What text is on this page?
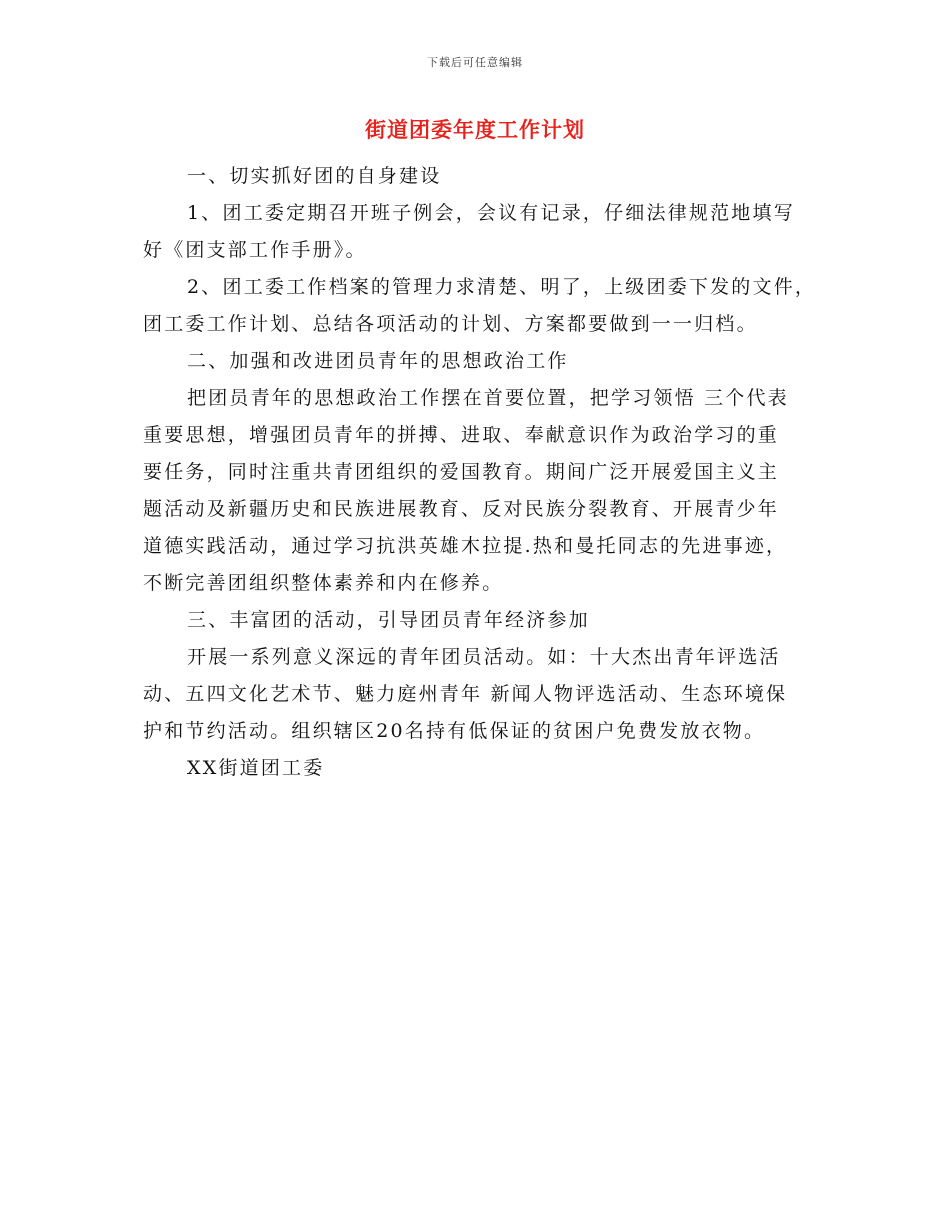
下载后可任意编辑
街道团委年度工作计划

一、切实抓好团的自身建设

1、团工委定期召开班子例会，会议有记录，仔细法律规范地填写
好《团支部工作手册》。

2、团工委工作档案的管理力求清楚、明了，上级团委下发的文件，
团工委工作计划、总结各项活动的计划、方案都要做到一一归档。

二、加强和改进团员青年的思想政治工作

把团员青年的思想政治工作摆在首要位置，把学习领悟 三个代表
重要思想，增强团员青年的拼搏、进取、奉献意识作为政治学习的重
要任务，同时注重共青团组织的爱国教育。期间广泛开展爱国主义主
题活动及新疆历史和民族进展教育、反对民族分裂教育、开展青少年
道德实践活动，通过学习抗洪英雄木拉提.热和曼托同志的先进事迹，
不断完善团组织整体素养和内在修养。

三、丰富团的活动，引导团员青年经济参加

开展一系列意义深远的青年团员活动。如：十大杰出青年评选活
动、五四文化艺术节、魅力庭州青年 新闻人物评选活动、生态环境保
护和节约活动。组织辖区20名持有低保证的贫困户免费发放衣物。

XX街道团工委
